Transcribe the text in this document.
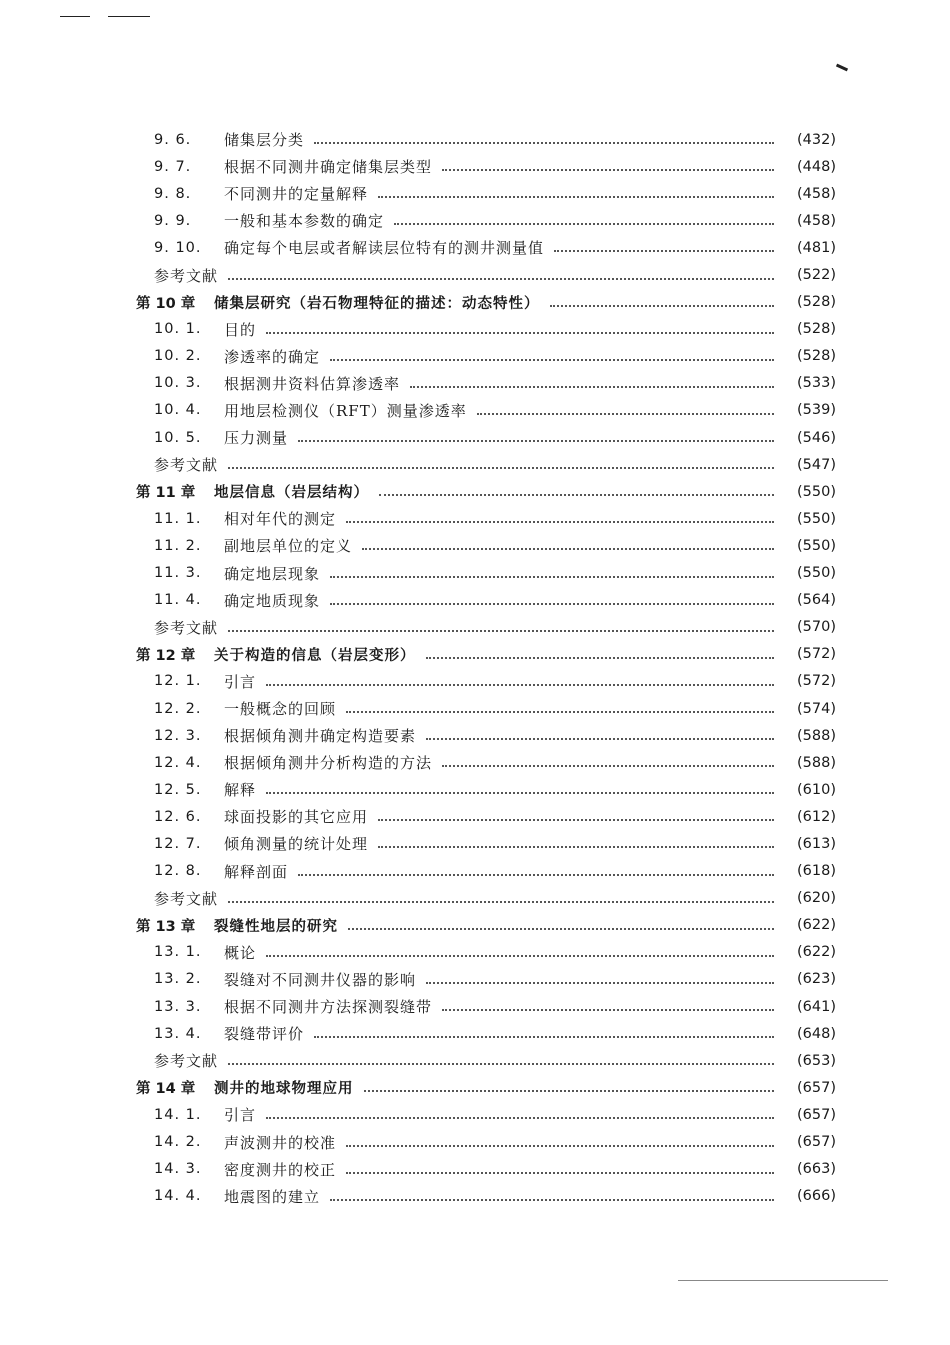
9. 6.	储集层分类	(432)
9. 7.	根据不同测井确定储集层类型	(448)
9. 8.	不同测井的定量解释	(458)
9. 9.	一般和基本参数的确定	(458)
9. 10.	确定每个电层或者解读层位特有的测井测量值	(481)
参考文献	(522)
第 10 章	储集层研究（岩石物理特征的描述：动态特性）	(528)
10. 1.	目的	(528)
10. 2.	渗透率的确定	(528)
10. 3.	根据测井资料估算渗透率	(533)
10. 4.	用地层检测仪（RFT）测量渗透率	(539)
10. 5.	压力测量	(546)
参考文献	(547)
第 11 章	地层信息（岩层结构）	(550)
11. 1.	相对年代的测定	(550)
11. 2.	副地层单位的定义	(550)
11. 3.	确定地层现象	(550)
11. 4.	确定地质现象	(564)
参考文献	(570)
第 12 章	关于构造的信息（岩层变形）	(572)
12. 1.	引言	(572)
12. 2.	一般概念的回顾	(574)
12. 3.	根据倾角测井确定构造要素	(588)
12. 4.	根据倾角测井分析构造的方法	(588)
12. 5.	解释	(610)
12. 6.	球面投影的其它应用	(612)
12. 7.	倾角测量的统计处理	(613)
12. 8.	解释剖面	(618)
参考文献	(620)
第 13 章	裂缝性地层的研究	(622)
13. 1.	概论	(622)
13. 2.	裂缝对不同测井仪器的影响	(623)
13. 3.	根据不同测井方法探测裂缝带	(641)
13. 4.	裂缝带评价	(648)
参考文献	(653)
第 14 章	测井的地球物理应用	(657)
14. 1.	引言	(657)
14. 2.	声波测井的校准	(657)
14. 3.	密度测井的校正	(663)
14. 4.	地震图的建立	(666)
